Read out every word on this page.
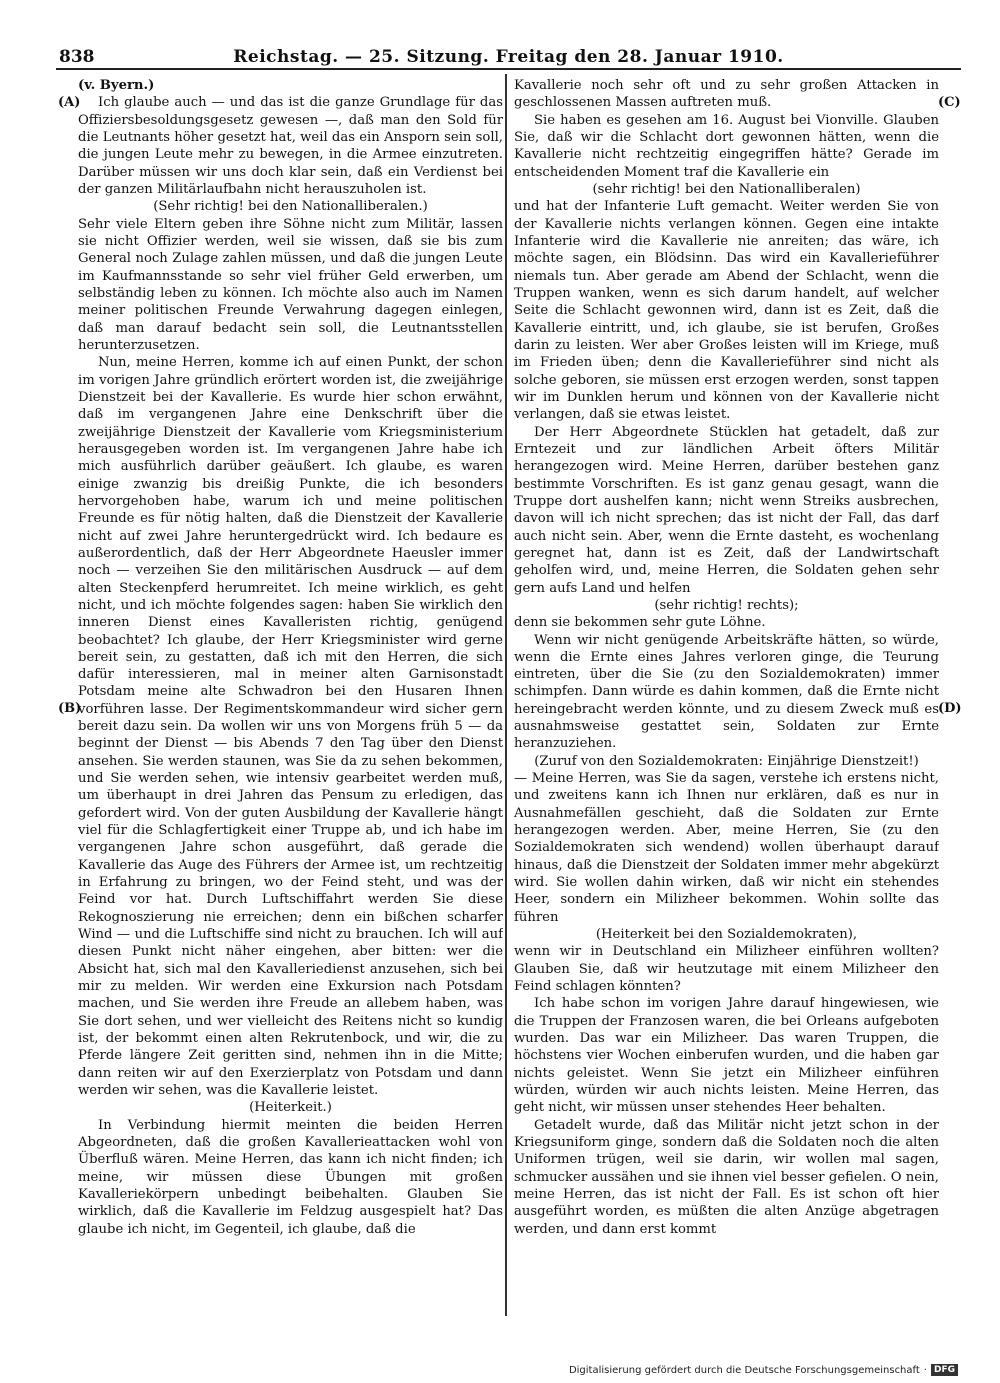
838	Reichstag. — 25. Sitzung. Freitag den 28. Januar 1910.
(A)
(B)
(C)
(D)

(v. Byern.)

Ich glaube auch — und das ist die ganze Grundlage für das Offiziersbesoldungsgesetz gewesen —, daß man den Sold für die Leutnants höher gesetzt hat, weil das ein Ansporn sein soll, die jungen Leute mehr zu bewegen, in die Armee einzutreten. Darüber müssen wir uns doch klar sein, daß ein Verdienst bei der ganzen Militärlaufbahn nicht herauszuholen ist.

(Sehr richtig! bei den Nationalliberalen.)

Sehr viele Eltern geben ihre Söhne nicht zum Militär, lassen sie nicht Offizier werden, weil sie wissen, daß sie bis zum General noch Zulage zahlen müssen, und daß die jungen Leute im Kaufmannsstande so sehr viel früher Geld erwerben, um selbständig leben zu können. Ich möchte also auch im Namen meiner politischen Freunde Verwahrung dagegen einlegen, daß man darauf bedacht sein soll, die Leutnantsstellen herunterzusetzen.

Nun, meine Herren, komme ich auf einen Punkt, der schon im vorigen Jahre gründlich erörtert worden ist, die zweijährige Dienstzeit bei der Kavallerie. Es wurde hier schon erwähnt, daß im vergangenen Jahre eine Denkschrift über die zweijährige Dienstzeit der Kavallerie vom Kriegsministerium herausgegeben worden ist. Im vergangenen Jahre habe ich mich ausführlich darüber geäußert. Ich glaube, es waren einige zwanzig bis dreißig Punkte, die ich besonders hervorgehoben habe, warum ich und meine politischen Freunde es für nötig halten, daß die Dienstzeit der Kavallerie nicht auf zwei Jahre heruntergedrückt wird. Ich bedaure es außerordentlich, daß der Herr Abgeordnete Haeusler immer noch — verzeihen Sie den militärischen Ausdruck — auf dem alten Steckenpferd herumreitet. Ich meine wirklich, es geht nicht, und ich möchte folgendes sagen: haben Sie wirklich den inneren Dienst eines Kavalleristen richtig, genügend beobachtet? Ich glaube, der Herr Kriegsminister wird gerne bereit sein, zu gestatten, daß ich mit den Herren, die sich dafür interessieren, mal in meiner alten Garnisonstadt Potsdam meine alte Schwadron bei den Husaren Ihnen vorführen lasse. Der Regimentskommandeur wird sicher gern bereit dazu sein. Da wollen wir uns von Morgens früh 5 — da beginnt der Dienst — bis Abends 7 den Tag über den Dienst ansehen. Sie werden staunen, was Sie da zu sehen bekommen, und Sie werden sehen, wie intensiv gearbeitet werden muß, um überhaupt in drei Jahren das Pensum zu erledigen, das gefordert wird. Von der guten Ausbildung der Kavallerie hängt viel für die Schlagfertigkeit einer Truppe ab, und ich habe im vergangenen Jahre schon ausgeführt, daß gerade die Kavallerie das Auge des Führers der Armee ist, um rechtzeitig in Erfahrung zu bringen, wo der Feind steht, und was der Feind vor hat. Durch Luftschiffahrt werden Sie diese Rekognoszierung nie erreichen; denn ein bißchen scharfer Wind — und die Luftschiffe sind nicht zu brauchen. Ich will auf diesen Punkt nicht näher eingehen, aber bitten: wer die Absicht hat, sich mal den Kavalleriedienst anzusehen, sich bei mir zu melden. Wir werden eine Exkursion nach Potsdam machen, und Sie werden ihre Freude an allebem haben, was Sie dort sehen, und wer vielleicht des Reitens nicht so kundig ist, der bekommt einen alten Rekrutenbock, und wir, die zu Pferde längere Zeit geritten sind, nehmen ihn in die Mitte; dann reiten wir auf den Exerzierplatz von Potsdam und dann werden wir sehen, was die Kavallerie leistet.

(Heiterkeit.)

In Verbindung hiermit meinten die beiden Herren Abgeordneten, daß die großen Kavallerieattacken wohl von Überfluß wären. Meine Herren, das kann ich nicht finden; ich meine, wir müssen diese Übungen mit großen Kavalleriekörpern unbedingt beibehalten. Glauben Sie wirklich, daß die Kavallerie im Feldzug ausgespielt hat? Das glaube ich nicht, im Gegenteil, ich glaube, daß die

Kavallerie noch sehr oft und zu sehr großen Attacken in geschlossenen Massen auftreten muß.

Sie haben es gesehen am 16. August bei Vionville. Glauben Sie, daß wir die Schlacht dort gewonnen hätten, wenn die Kavallerie nicht rechtzeitig eingegriffen hätte? Gerade im entscheidenden Moment traf die Kavallerie ein

(sehr richtig! bei den Nationalliberalen)

und hat der Infanterie Luft gemacht. Weiter werden Sie von der Kavallerie nichts verlangen können. Gegen eine intakte Infanterie wird die Kavallerie nie anreiten; das wäre, ich möchte sagen, ein Blödsinn. Das wird ein Kavallerieführer niemals tun. Aber gerade am Abend der Schlacht, wenn die Truppen wanken, wenn es sich darum handelt, auf welcher Seite die Schlacht gewonnen wird, dann ist es Zeit, daß die Kavallerie eintritt, und, ich glaube, sie ist berufen, Großes darin zu leisten. Wer aber Großes leisten will im Kriege, muß im Frieden üben; denn die Kavallerieführer sind nicht als solche geboren, sie müssen erst erzogen werden, sonst tappen wir im Dunklen herum und können von der Kavallerie nicht verlangen, daß sie etwas leistet.

Der Herr Abgeordnete Stücklen hat getadelt, daß zur Erntezeit und zur ländlichen Arbeit öfters Militär herangezogen wird. Meine Herren, darüber bestehen ganz bestimmte Vorschriften. Es ist ganz genau gesagt, wann die Truppe dort aushelfen kann; nicht wenn Streiks ausbrechen, davon will ich nicht sprechen; das ist nicht der Fall, das darf auch nicht sein. Aber, wenn die Ernte dasteht, es wochenlang geregnet hat, dann ist es Zeit, daß der Landwirtschaft geholfen wird, und, meine Herren, die Soldaten gehen sehr gern aufs Land und helfen

(sehr richtig! rechts);

denn sie bekommen sehr gute Löhne.

Wenn wir nicht genügende Arbeitskräfte hätten, so würde, wenn die Ernte eines Jahres verloren ginge, die Teurung eintreten, über die Sie (zu den Sozialdemokraten) immer schimpfen. Dann würde es dahin kommen, daß die Ernte nicht hereingebracht werden könnte, und zu diesem Zweck muß es ausnahmsweise gestattet sein, Soldaten zur Ernte heranzuziehen.

(Zuruf von den Sozialdemokraten: Einjährige Dienstzeit!)

— Meine Herren, was Sie da sagen, verstehe ich erstens nicht, und zweitens kann ich Ihnen nur erklären, daß es nur in Ausnahmefällen geschieht, daß die Soldaten zur Ernte herangezogen werden. Aber, meine Herren, Sie (zu den Sozialdemokraten sich wendend) wollen überhaupt darauf hinaus, daß die Dienstzeit der Soldaten immer mehr abgekürzt wird. Sie wollen dahin wirken, daß wir nicht ein stehendes Heer, sondern ein Milizheer bekommen. Wohin sollte das führen

(Heiterkeit bei den Sozialdemokraten),

wenn wir in Deutschland ein Milizheer einführen wollten? Glauben Sie, daß wir heutzutage mit einem Milizheer den Feind schlagen könnten?

Ich habe schon im vorigen Jahre darauf hingewiesen, wie die Truppen der Franzosen waren, die bei Orleans aufgeboten wurden. Das war ein Milizheer. Das waren Truppen, die höchstens vier Wochen einberufen wurden, und die haben gar nichts geleistet. Wenn Sie jetzt ein Milizheer einführen würden, würden wir auch nichts leisten. Meine Herren, das geht nicht, wir müssen unser stehendes Heer behalten.

Getadelt wurde, daß das Militär nicht jetzt schon in der Kriegsuniform ginge, sondern daß die Soldaten noch die alten Uniformen trügen, weil sie darin, wir wollen mal sagen, schmucker aussähen und sie ihnen viel besser gefielen. O nein, meine Herren, das ist nicht der Fall. Es ist schon oft hier ausgeführt worden, es müßten die alten Anzüge abgetragen werden, und dann erst kommt

Digitalisierung gefördert durch die Deutsche Forschungsgemeinschaft · DFG
